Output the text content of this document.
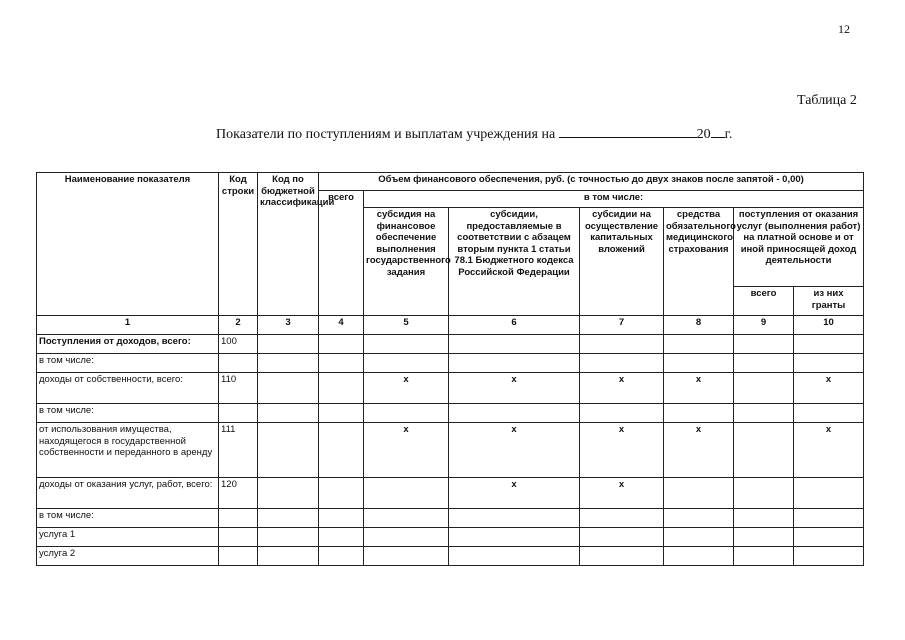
12
Таблица 2
Показатели по поступлениям и выплатам учреждения на	20 г.
Наименование показателя	Код строки	Код по бюджетной классификации	Объем финансового обеспечения, руб. (с точностью до двух знаков после запятой - 0,00)						
			всего	в том числе:					
				субсидия на финансовое обеспечение выполнения государственного задания	субсидии, предоставляемые в соответствии с абзацем вторым пункта 1 статьи 78.1 Бюджетного кодекса Российской Федерации	субсидии на осуществление капитальных вложений	средства обязательного медицинского страхования	поступления от оказания услуг (выполнения работ) на платной основе и от иной приносящей доход деятельности	
								всего	из них гранты
1	2	3	4	5	6	7	8	9	10
Поступления от доходов, всего:	100								
в том числе:									
доходы от собственности, всего:	110			x	x	x	x		x
в том числе:									
от использования имущества, находящегося в государственной собственности и переданного в аренду	111			x	x	x	x		x
доходы от оказания услуг, работ, всего:	120				x	x			
в том числе:									
услуга 1									
услуга 2									
